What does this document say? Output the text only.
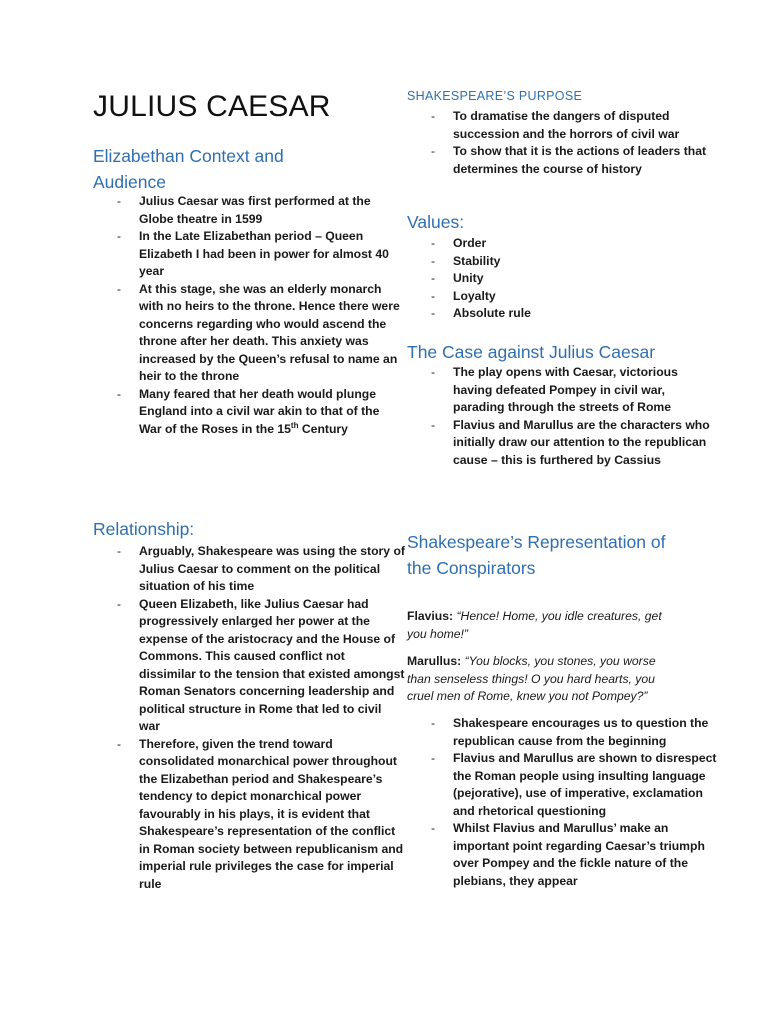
JULIUS CAESAR
Elizabethan Context and Audience
- Julius Caesar was first performed at the Globe theatre in 1599
- In the Late Elizabethan period – Queen Elizabeth I had been in power for almost 40 year
- At this stage, she was an elderly monarch with no heirs to the throne. Hence there were concerns regarding who would ascend the throne after her death. This anxiety was increased by the Queen’s refusal to name an heir to the throne
- Many feared that her death would plunge England into a civil war akin to that of the War of the Roses in the 15th Century
Relationship:
- Arguably, Shakespeare was using the story of Julius Caesar to comment on the political situation of his time
- Queen Elizabeth, like Julius Caesar had progressively enlarged her power at the expense of the aristocracy and the House of Commons. This caused conflict not dissimilar to the tension that existed amongst Roman Senators concerning leadership and political structure in Rome that led to civil war
- Therefore, given the trend toward consolidated monarchical power throughout the Elizabethan period and Shakespeare’s tendency to depict monarchical power favourably in his plays, it is evident that Shakespeare’s representation of the conflict in Roman society between republicanism and imperial rule privileges the case for imperial rule
SHAKESPEARE’S PURPOSE
- To dramatise the dangers of disputed succession and the horrors of civil war
- To show that it is the actions of leaders that determines the course of history
Values:
- Order
- Stability
- Unity
- Loyalty
- Absolute rule
The Case against Julius Caesar
- The play opens with Caesar, victorious having defeated Pompey in civil war, parading through the streets of Rome
- Flavius and Marullus are the characters who initially draw our attention to the republican cause – this is furthered by Cassius
Shakespeare’s Representation of the Conspirators

Flavius: “Hence! Home, you idle creatures, get you home!”

Marullus: “You blocks, you stones, you worse than senseless things! O you hard hearts, you cruel men of Rome, knew you not Pompey?”

- Shakespeare encourages us to question the republican cause from the beginning
- Flavius and Marullus are shown to disrespect the Roman people using insulting language (pejorative), use of imperative, exclamation and rhetorical questioning
- Whilst Flavius and Marullus’ make an important point regarding Caesar’s triumph over Pompey and the fickle nature of the plebians, they appear
